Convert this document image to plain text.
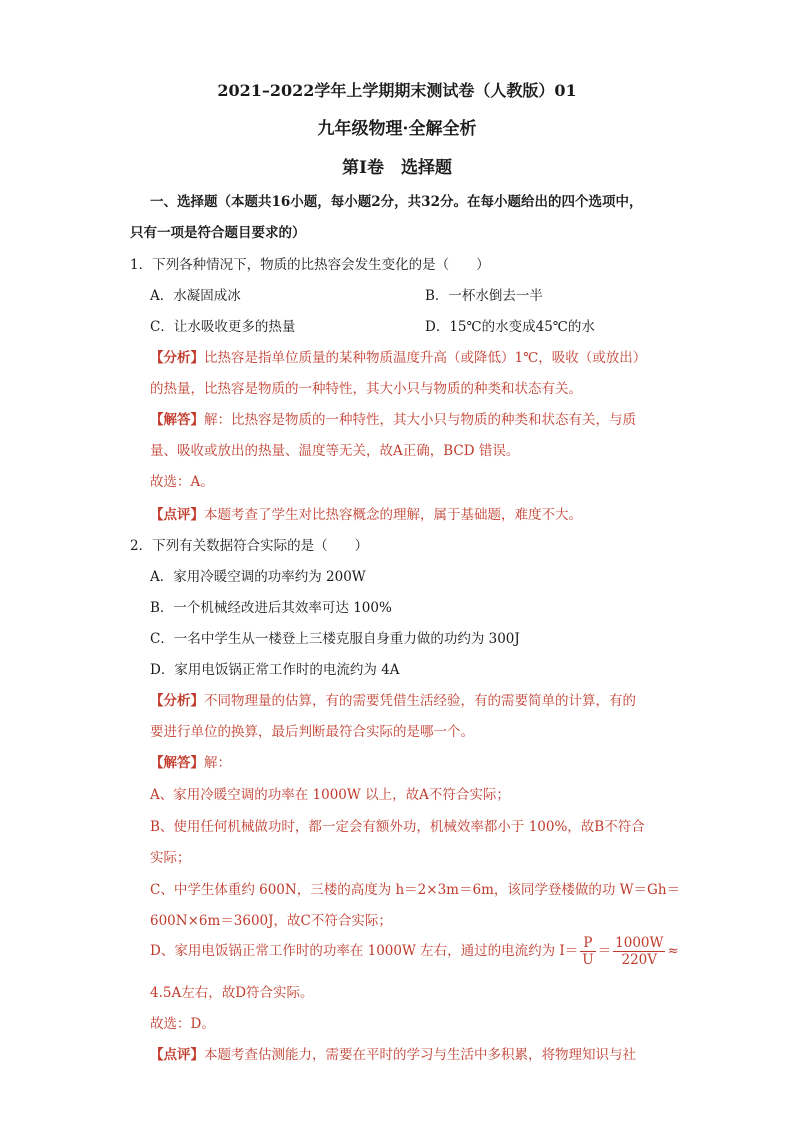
2021–2022学年上学期期末测试卷（人教版）01
九年级物理·全解全析
第Ⅰ卷　选择题
一、选择题（本题共16小题，每小题2分，共32分。在每小题给出的四个选项中，
只有一项是符合题目要求的）
1．下列各种情况下，物质的比热容会发生变化的是（　　）
A．水凝固成冰	B．一杯水倒去一半
C．让水吸收更多的热量	D．15℃的水变成45℃的水
【分析】比热容是指单位质量的某种物质温度升高（或降低）1℃，吸收（或放出）
的热量，比热容是物质的一种特性，其大小只与物质的种类和状态有关。
【解答】解：比热容是物质的一种特性，其大小只与物质的种类和状态有关，与质
量、吸收或放出的热量、温度等无关，故A正确，BCD 错误。
故选：A。
【点评】本题考查了学生对比热容概念的理解，属于基础题，难度不大。
2．下列有关数据符合实际的是（　　）
A．家用冷暖空调的功率约为 200W
B．一个机械经改进后其效率可达 100%
C．一名中学生从一楼登上三楼克服自身重力做的功约为 300J
D．家用电饭锅正常工作时的电流约为 4A
【分析】不同物理量的估算，有的需要凭借生活经验，有的需要简单的计算，有的
要进行单位的换算，最后判断最符合实际的是哪一个。
【解答】解：
A、家用冷暖空调的功率在 1000W 以上，故A不符合实际；
B、使用任何机械做功时，都一定会有额外功，机械效率都小于 100%，故B不符合
实际；
C、中学生体重约 600N，三楼的高度为 h＝2×3m＝6m，该同学登楼做的功 W＝Gh＝
600N×6m＝3600J，故C不符合实际；
D、家用电饭锅正常工作时的功率在 1000W 左右，通过的电流约为 $I= \frac{P}{U} = \frac{1000W}{220V}$ ≈
4.5A左右，故D符合实际。
故选：D。
【点评】本题考查估测能力，需要在平时的学习与生活中多积累，将物理知识与社
